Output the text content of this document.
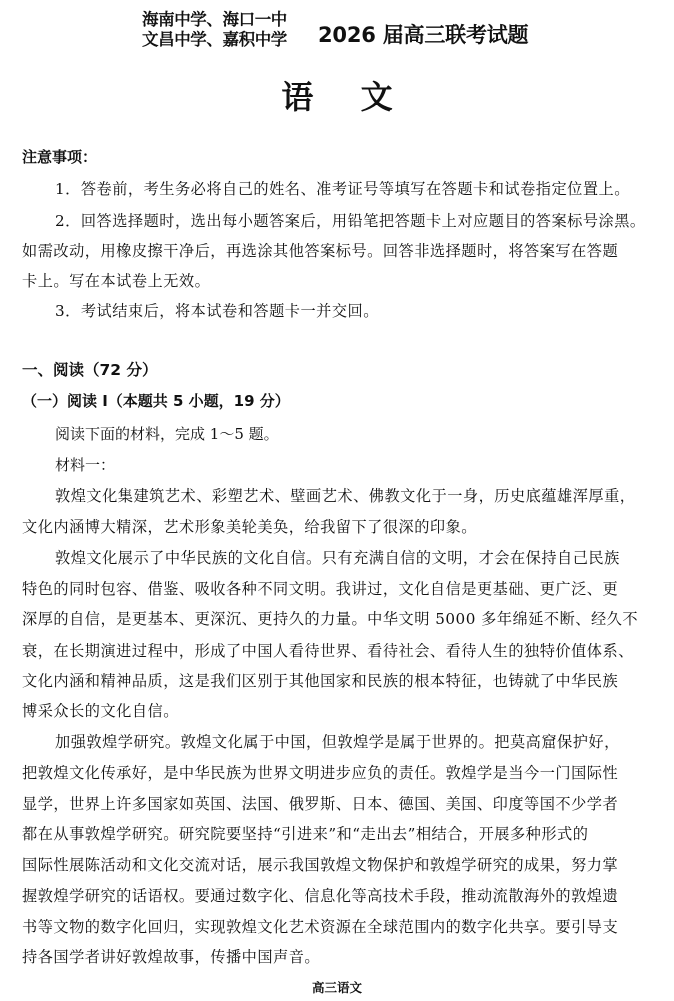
海南中学、海口一中
文昌中学、嘉积中学 2026 届高三联考试题
语 文
注意事项：
1．答卷前，考生务必将自己的姓名、准考证号等填写在答题卡和试卷指定位置上。
2．回答选择题时，选出每小题答案后，用铅笔把答题卡上对应题目的答案标号涂黑。
如需改动，用橡皮擦干净后，再选涂其他答案标号。回答非选择题时，将答案写在答题
卡上。写在本试卷上无效。
3．考试结束后，将本试卷和答题卡一并交回。
一、阅读（72 分）
（一）阅读 I（本题共 5 小题，19 分）
阅读下面的材料，完成 1～5 题。
材料一：
敦煌文化集建筑艺术、彩塑艺术、壁画艺术、佛教文化于一身，历史底蕴雄浑厚重，
文化内涵博大精深，艺术形象美轮美奂，给我留下了很深的印象。
敦煌文化展示了中华民族的文化自信。只有充满自信的文明，才会在保持自己民族
特色的同时包容、借鉴、吸收各种不同文明。我讲过，文化自信是更基础、更广泛、更
深厚的自信，是更基本、更深沉、更持久的力量。中华文明 5000 多年绵延不断、经久不
衰，在长期演进过程中，形成了中国人看待世界、看待社会、看待人生的独特价值体系、
文化内涵和精神品质，这是我们区别于其他国家和民族的根本特征，也铸就了中华民族
博采众长的文化自信。
加强敦煌学研究。敦煌文化属于中国，但敦煌学是属于世界的。把莫高窟保护好，
把敦煌文化传承好，是中华民族为世界文明进步应负的责任。敦煌学是当今一门国际性
显学，世界上许多国家如英国、法国、俄罗斯、日本、德国、美国、印度等国不少学者
都在从事敦煌学研究。研究院要坚持“引进来”和“走出去”相结合，开展多种形式的
国际性展陈活动和文化交流对话，展示我国敦煌文物保护和敦煌学研究的成果，努力掌
握敦煌学研究的话语权。要通过数字化、信息化等高技术手段，推动流散海外的敦煌遗
书等文物的数字化回归，实现敦煌文化艺术资源在全球范围内的数字化共享。要引导支
持各国学者讲好敦煌故事，传播中国声音。
高三语文
